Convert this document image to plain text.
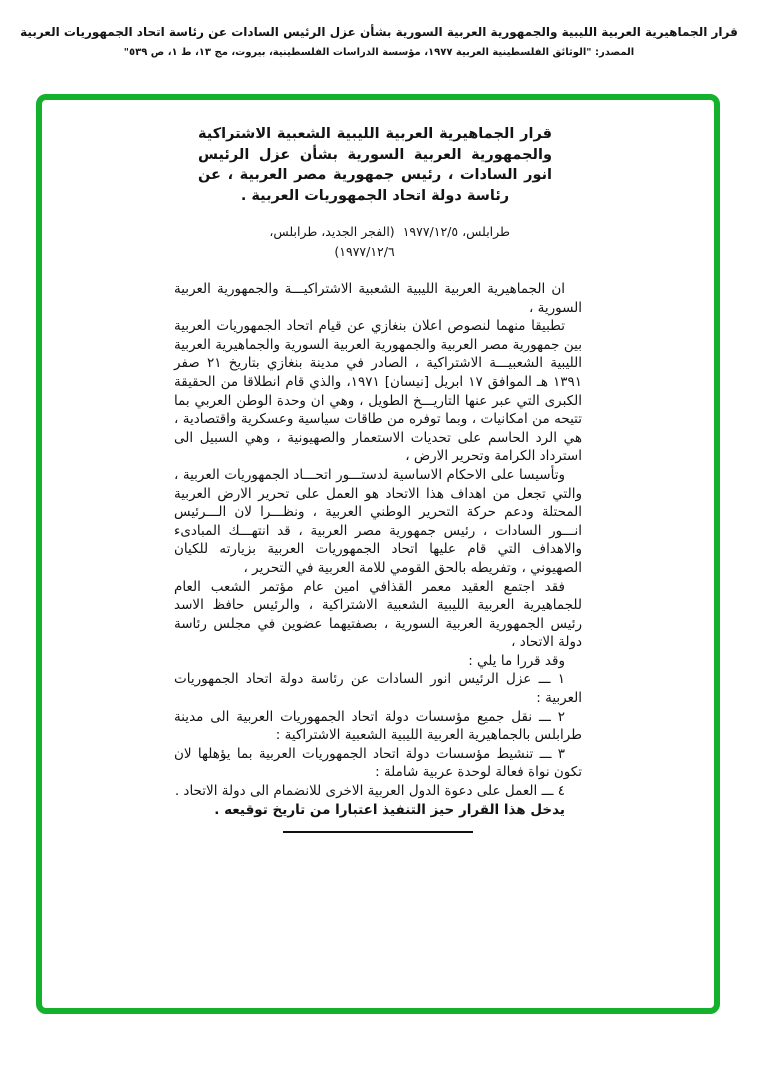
قرار الجماهيرية العربية الليبية والجمهورية العربية السورية بشأن عزل الرئيس السادات عن رئاسة اتحاد الجمهوريات العربية
المصدر: "الوثائق الفلسطينية العربية ١٩٧٧، مؤسسة الدراسات الفلسطينية، بيروت، مج ١٣، ط ١، ص ٥٣٩"
قرار الجماهيرية العربية الليبية الشعبية الاشتراكية والجمهورية العربية السورية بشأن عزل الرئيس انور السادات ، رئيس جمهورية مصر العربية ، عن رئاسة دولة اتحاد الجمهوريات العربية .
طرابلس، ١٩٧٧/١٢/٥
(الفجر الجديد، طرابلس، ١٩٧٧/١٢/٦)

ان الجماهيرية العربية الليبية الشعبية الاشتراكيـــة والجمهورية العربية السورية ،

تطبيقا منهما لنصوص اعلان بنغازي عن قيام اتحاد الجمهوريات العربية بين جمهورية مصر العربية والجمهورية العربية السورية والجماهيرية العربية الليبية الشعبيـــة الاشتراكية ، الصادر في مدينة بنغازي بتاريخ ٢١ صفر ١٣٩١ هـ الموافق ١٧ ابريل [نيسان] ١٩٧١، والذي قام انطلاقا من الحقيقة الكبرى التي عبر عنها التاريـــخ الطويل ، وهي ان وحدة الوطن العربي بما تتيحه من امكانيات ، وبما توفره من طاقات سياسية وعسكرية واقتصادية ، هي الرد الحاسم على تحديات الاستعمار والصهيونية ، وهي السبيل الى استرداد الكرامة وتحرير الارض ،

وتأسيسا على الاحكام الاساسية لدستـــور اتحـــاد الجمهوريات العربية ، والتي تجعل من اهداف هذا الاتحاد هو العمل على تحرير الارض العربية المحتلة ودعم حركة التحرير الوطني العربية ، ونظـــرا لان الـــرئيس انـــور السادات ، رئيس جمهورية مصر العربية ، قد انتهـــك المبادىء والاهداف التي قام عليها اتحاد الجمهوريات العربية بزيارته للكيان الصهيوني ، وتفريطه بالحق القومي للامة العربية في التحرير ،

فقد اجتمع العقيد معمر القذافي امين عام مؤتمر الشعب العام للجماهيرية العربية الليبية الشعبية الاشتراكية ، والرئيس حافظ الاسد رئيس الجمهورية العربية السورية ، بصفتيهما عضوين في مجلس رئاسة دولة الاتحاد ،

وقد قررا ما يلي :

١ ـــ عزل الرئيس انور السادات عن رئاسة دولة اتحاد الجمهوريات العربية :

٢ ـــ نقل جميع مؤسسات دولة اتحاد الجمهوريات العربية الى مدينة طرابلس بالجماهيرية العربية الليبية الشعبية الاشتراكية :

٣ ـــ تنشيط مؤسسات دولة اتحاد الجمهوريات العربية بما يؤهلها لان تكون نواة فعالة لوحدة عربية شاملة :

٤ ـــ العمل على دعوة الدول العربية الاخرى للانضمام الى دولة الاتحاد .

يدخل هذا القرار حيز التنفيذ اعتبارا من تاريخ توقيعه .
